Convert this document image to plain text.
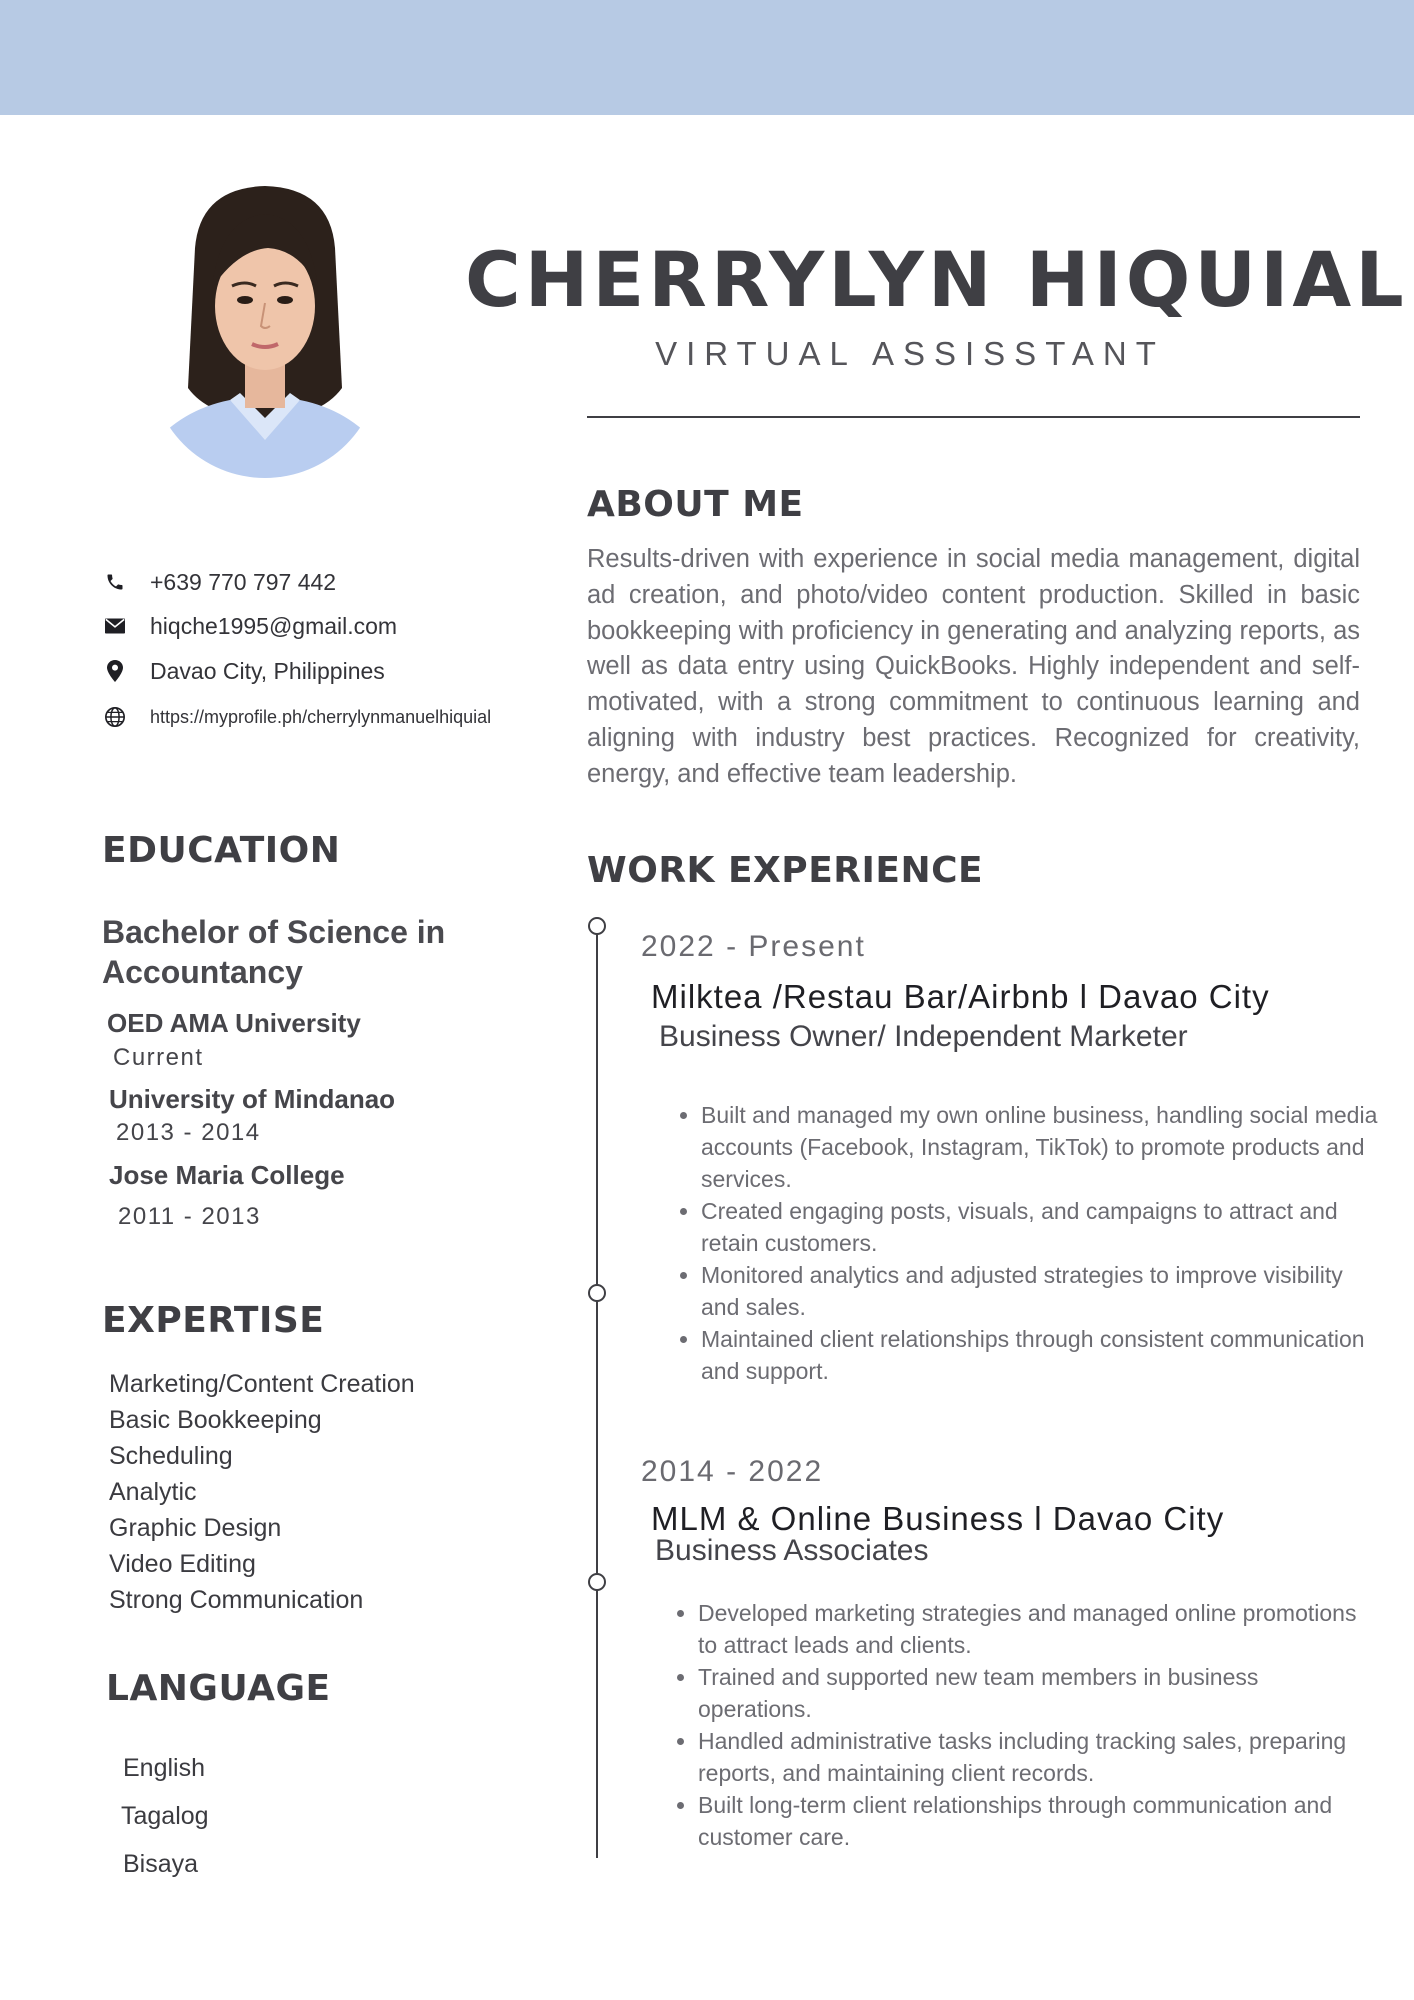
CHERRYLYN HIQUIAL
VIRTUAL ASSISSTANT
+639 770 797 442
hiqche1995@gmail.com
Davao City, Philippines
https://myprofile.ph/cherrylynmanuelhiquial
EDUCATION
Bachelor of Science in Accountancy
OED AMA University
Current
University of Mindanao
2013 - 2014
Jose Maria College
2011 - 2013
EXPERTISE
Marketing/Content Creation
Basic Bookkeeping
Scheduling
Analytic
Graphic Design
Video Editing
Strong Communication
LANGUAGE
English
Tagalog
Bisaya
ABOUT ME
Results-driven with experience in social media management, digital ad creation, and photo/video content production. Skilled in basic bookkeeping with proficiency in generating and analyzing reports, as well as data entry using QuickBooks. Highly independent and self-motivated, with a strong commitment to continuous learning and aligning with industry best practices. Recognized for creativity, energy, and effective team leadership.
WORK EXPERIENCE
2022 - Present
Milktea /Restau Bar/Airbnb l Davao City
Business Owner/ Independent Marketer
• Built and managed my own online business, handling social media accounts (Facebook, Instagram, TikTok) to promote products and services.
• Created engaging posts, visuals, and campaigns to attract and retain customers.
• Monitored analytics and adjusted strategies to improve visibility and sales.
• Maintained client relationships through consistent communication and support.
2014 - 2022
MLM & Online Business l Davao City
Business Associates
• Developed marketing strategies and managed online promotions to attract leads and clients.
• Trained and supported new team members in business operations.
• Handled administrative tasks including tracking sales, preparing reports, and maintaining client records.
• Built long-term client relationships through communication and customer care.
